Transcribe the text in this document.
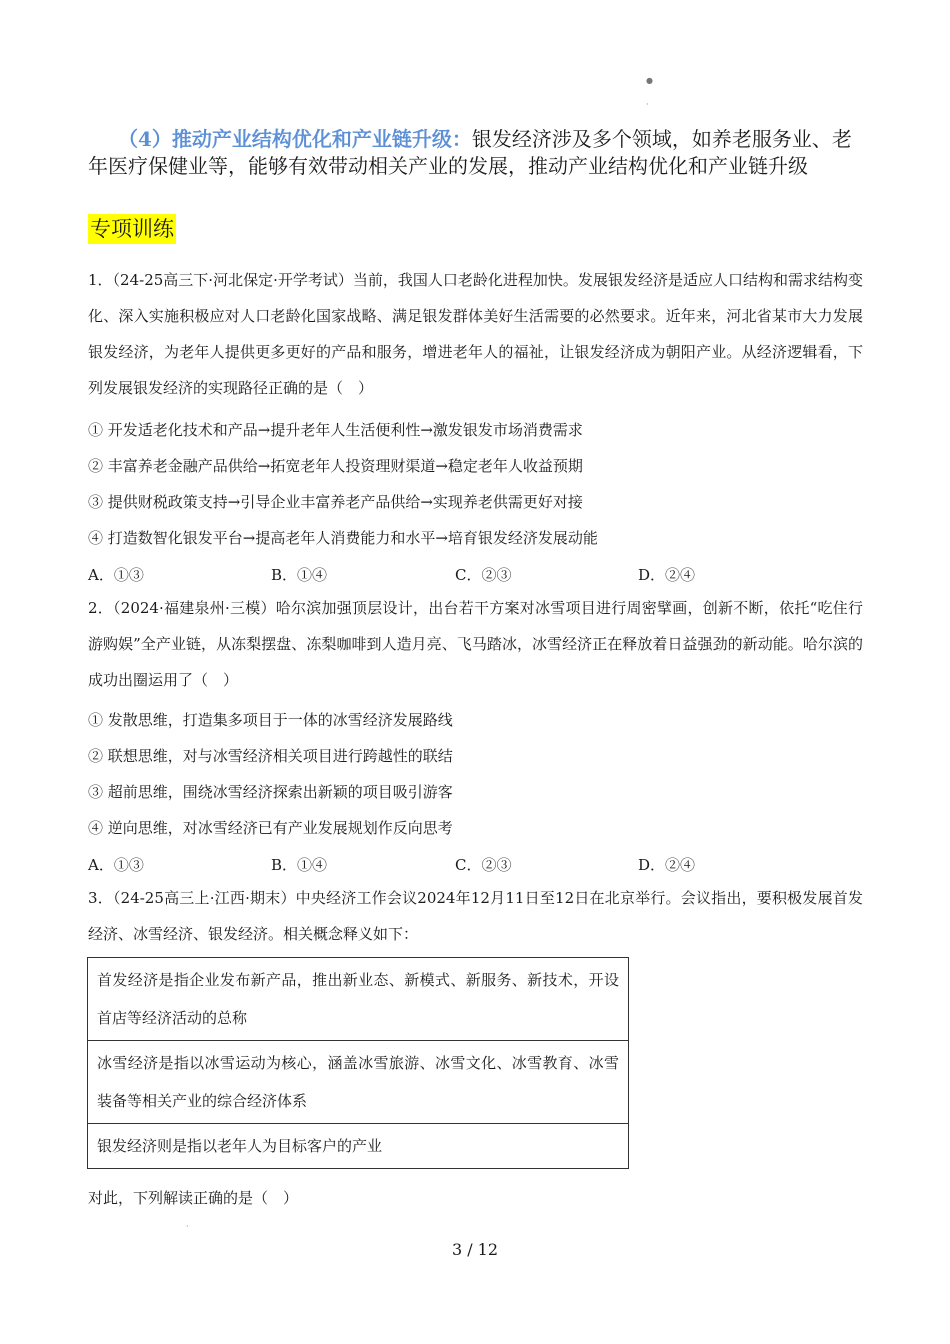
●
·
（4）推动产业结构优化和产业链升级：银发经济涉及多个领域，如养老服务业、老年医疗保健业等，能够有效带动相关产业的发展，推动产业结构优化和产业链升级
专项训练
1．（24-25高三下·河北保定·开学考试）当前，我国人口老龄化进程加快。发展银发经济是适应人口结构和需求结构变化、深入实施积极应对人口老龄化国家战略、满足银发群体美好生活需要的必然要求。近年来，河北省某市大力发展银发经济，为老年人提供更多更好的产品和服务，增进老年人的福祉，让银发经济成为朝阳产业。从经济逻辑看，下列发展银发经济的实现路径正确的是（　）
① 开发适老化技术和产品→提升老年人生活便利性→激发银发市场消费需求
② 丰富养老金融产品供给→拓宽老年人投资理财渠道→稳定老年人收益预期
③ 提供财税政策支持→引导企业丰富养老产品供给→实现养老供需更好对接
④ 打造数智化银发平台→提高老年人消费能力和水平→培育银发经济发展动能
A．①③	B．①④	C．②③	D．②④
2．（2024·福建泉州·三模）哈尔滨加强顶层设计，出台若干方案对冰雪项目进行周密擘画，创新不断，依托“吃住行游购娱”全产业链，从冻梨摆盘、冻梨咖啡到人造月亮、飞马踏冰，冰雪经济正在释放着日益强劲的新动能。哈尔滨的成功出圈运用了（　）
① 发散思维，打造集多项目于一体的冰雪经济发展路线
② 联想思维，对与冰雪经济相关项目进行跨越性的联结
③ 超前思维，围绕冰雪经济探索出新颖的项目吸引游客
④ 逆向思维，对冰雪经济已有产业发展规划作反向思考
A．①③	B．①④	C．②③	D．②④
3．（24-25高三上·江西·期末）中央经济工作会议2024年12月11日至12日在北京举行。会议指出，要积极发展首发经济、冰雪经济、银发经济。相关概念释义如下：
首发经济是指企业发布新产品，推出新业态、新模式、新服务、新技术，开设首店等经济活动的总称
冰雪经济是指以冰雪运动为核心，涵盖冰雪旅游、冰雪文化、冰雪教育、冰雪装备等相关产业的综合经济体系
银发经济则是指以老年人为目标客户的产业
对此，下列解读正确的是（　）
·
3 / 12
